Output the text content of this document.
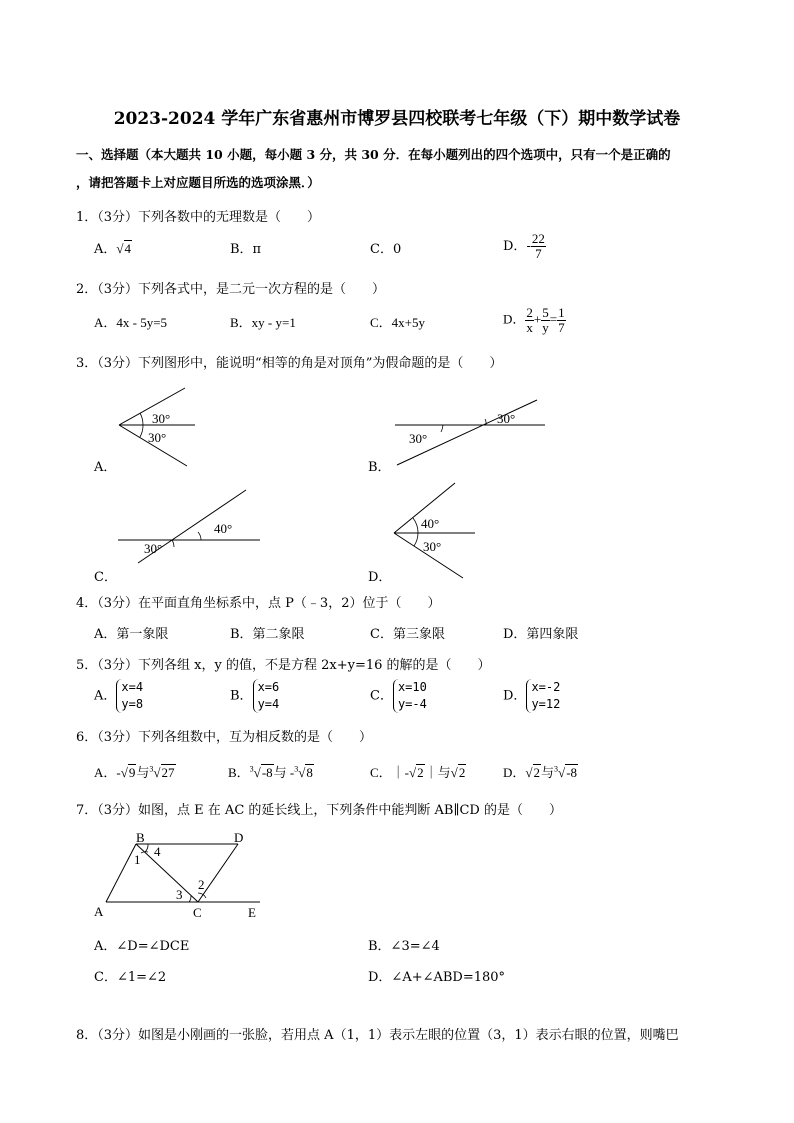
2023-2024 学年广东省惠州市博罗县四校联考七年级（下）期中数学试卷
一、选择题（本大题共 10 小题，每小题 3 分，共 30 分．在每小题列出的四个选项中，只有一个是正确的
，请把答题卡上对应题目所选的选项涂黑．）
1．（3分）下列各数中的无理数是（　　）
A．√4	B．π	C．0	D．- $\frac{22}{7}$
2．（3分）下列各式中，是二元一次方程的是（　　）
A．4x - 5y=5	B．xy - y=1	C．4x+5y	D． $\frac{2}{x} + \frac{5}{y} = \frac{1}{7}$
3．（3分）下列图形中，能说明“相等的角是对顶角”为假命题的是（　　）
30°
30°
A．
30°
30°
B．
40°
30°
C．
40°
30°
D．
4．（3分）在平面直角坐标系中，点 P（﹣3，2）位于（　　）
A．第一象限	B．第二象限	C．第三象限	D．第四象限
5．（3分）下列各组 x，y 的值，不是方程 2x+y=16 的解的是（　　）
A．x=4
y=8
B．x=6
y=4
C．x=10
y=-4
D．x=-2
y=12
6．（3分）下列各组数中，互为相反数的是（　　）
A．-√9与$^3$√27	B．$^3$√-8与 -$^3$√8	C．｜-√2｜与√2	D．√2与$^3$√-8
7．（3分）如图，点 E 在 AC 的延长线上，下列条件中能判断 AB∥CD 的是（　　）
B	D
A	C	E
1
4
3
2
A．∠D=∠DCE	B．∠3=∠4
C．∠1=∠2	D．∠A+∠ABD=180°
8．（3分）如图是小刚画的一张脸，若用点 A（1，1）表示左眼的位置（3，1）表示右眼的位置，则嘴巴
